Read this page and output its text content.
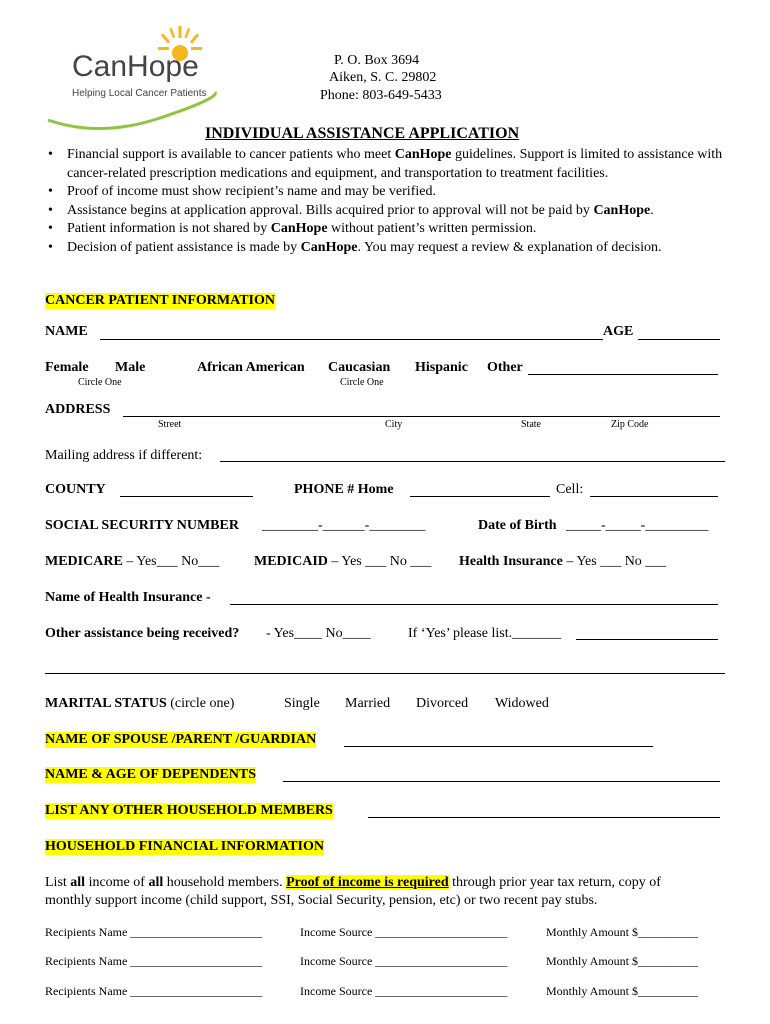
CanHope
Helping Local Cancer Patients
P. O. Box 3694
Aiken, S. C. 29802
Phone: 803-649-5433
INDIVIDUAL ASSISTANCE APPLICATION
• Financial support is available to cancer patients who meet CanHope guidelines. Support is limited to assistance with cancer-related prescription medications and equipment, and transportation to treatment facilities.
• Proof of income must show recipient’s name and may be verified.
• Assistance begins at application approval. Bills acquired prior to approval will not be paid by CanHope.
• Patient information is not shared by CanHope without patient’s written permission.
• Decision of patient assistance is made by CanHope. You may request a review & explanation of decision.
CANCER PATIENT INFORMATION
NAME	AGE
Female Male
Circle One
African American Caucasian Hispanic Other
Circle One
ADDRESS
Street	City	State	Zip Code
Mailing address if different:
COUNTY	PHONE # Home	Cell:
SOCIAL SECURITY NUMBER ________-______-________	Date of Birth _____-_____-_________
MEDICARE – Yes___ No___ MEDICAID – Yes ___ No ___ Health Insurance – Yes ___ No ___
Name of Health Insurance -
Other assistance being received? - Yes____ No____	If ‘Yes’ please list._______
MARITAL STATUS (circle one)	Single Married Divorced Widowed
NAME OF SPOUSE /PARENT /GUARDIAN
NAME & AGE OF DEPENDENTS
LIST ANY OTHER HOUSEHOLD MEMBERS
HOUSEHOLD FINANCIAL INFORMATION
List all income of all household members. Proof of income is required through prior year tax return, copy of
monthly support income (child support, SSI, Social Security, pension, etc) or two recent pay stubs.
Recipients Name ______________________	Income Source ______________________	Monthly Amount $__________
Recipients Name ______________________	Income Source ______________________	Monthly Amount $__________
Recipients Name ______________________	Income Source ______________________	Monthly Amount $__________
